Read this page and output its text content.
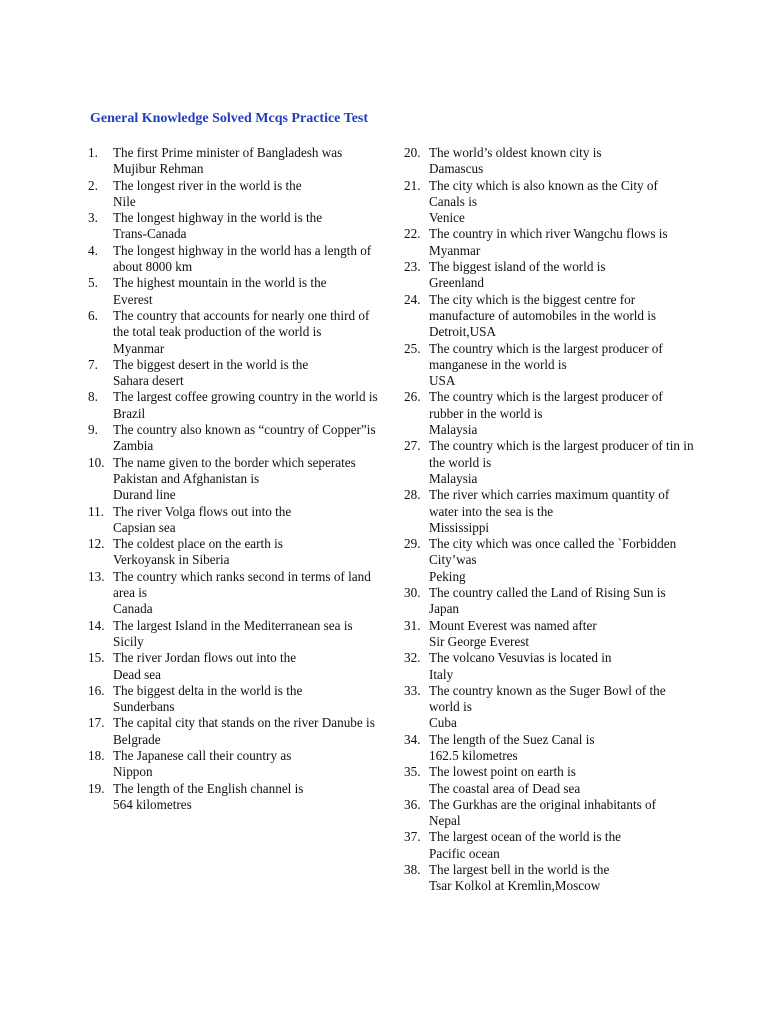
General Knowledge Solved Mcqs Practice Test
1.	The first Prime minister of Bangladesh was
Mujibur Rehman
2.	The longest river in the world is the
Nile
3.	The longest highway in the world is the
Trans-Canada
4.	The longest highway in the world has a length of
about 8000 km
5.	The highest mountain in the world is the
Everest
6.	The country that accounts for nearly one third of the total teak production of the world is
Myanmar
7.	The biggest desert in the world is the
Sahara desert
8.	The largest coffee growing country in the world is
Brazil
9.	The country also known as “country of Copper”is
Zambia
10. The name given to the border which seperates Pakistan and Afghanistan is
Durand line
11. The river Volga flows out into the
Capsian sea
12. The coldest place on the earth is
Verkoyansk in Siberia
13. The country which ranks second in terms of land area is
Canada
14. The largest Island in the Mediterranean sea is
Sicily
15. The river Jordan flows out into the
Dead sea
16. The biggest delta in the world is the
Sunderbans
17. The capital city that stands on the river Danube is
Belgrade
18. The Japanese call their country as
Nippon
19. The length of the English channel is
564 kilometres
20. The world’s oldest known city is
Damascus
21. The city which is also known as the City of Canals is
Venice
22. The country in which river Wangchu flows is
Myanmar
23. The biggest island of the world is
Greenland
24. The city which is the biggest centre for manufacture of automobiles in the world is
Detroit,USA
25. The country which is the largest producer of manganese in the world is
USA
26. The country which is the largest producer of rubber in the world is
Malaysia
27. The country which is the largest producer of tin in the world is
Malaysia
28. The river which carries maximum quantity of water into the sea is the
Mississippi
29. The city which was once called the `Forbidden City’was
Peking
30. The country called the Land of Rising Sun is
Japan
31. Mount Everest was named after
Sir George Everest
32. The volcano Vesuvias is located in
Italy
33. The country known as the Suger Bowl of the world is
Cuba
34. The length of the Suez Canal is
162.5 kilometres
35. The lowest point on earth is
The coastal area of Dead sea
36. The Gurkhas are the original inhabitants of
Nepal
37. The largest ocean of the world is the
Pacific ocean
38. The largest bell in the world is the
Tsar Kolkol at Kremlin,Moscow
